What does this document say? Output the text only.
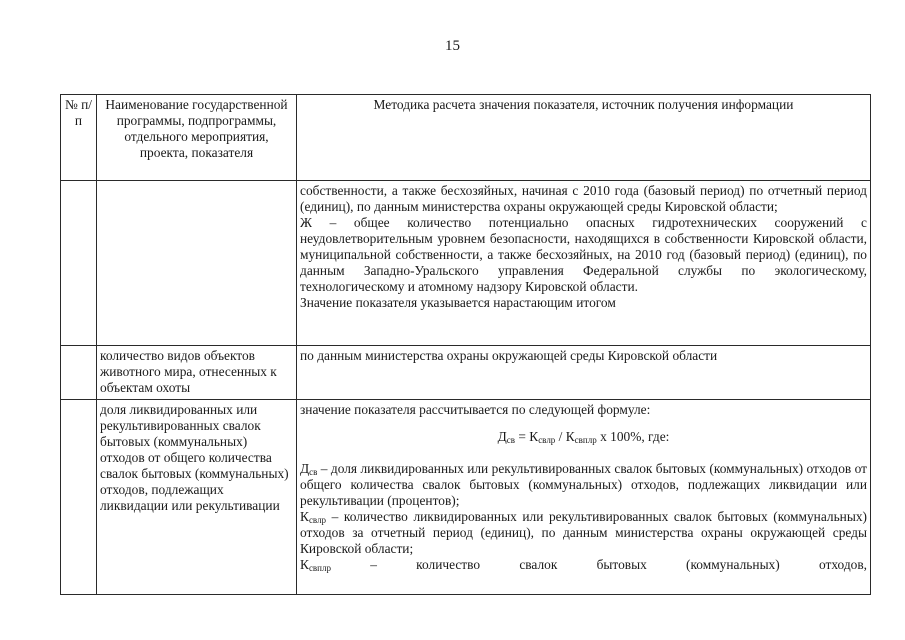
15
№ п/п	Наименование государственной программы, подпрограммы, отдельного мероприятия, проекта, показателя	Методика расчета значения показателя, источник получения информации

		собственности, а также бесхозяйных, начиная с 2010 года (базовый период) по отчетный период (единиц), по данным министерства охраны окружающей среды Кировской области;

Ж – общее количество потенциально опасных гидротехнических сооружений с неудовлетворительным уровнем безопасности, находящихся в собственности Кировской области, муниципальной собственности, а также бесхозяйных, на 2010 год (базовый период) (единиц), по данным Западно-Уральского управления Федеральной службы по экологическому, технологическому и атомному надзору Кировской области.

Значение показателя указывается нарастающим итогом

	количество видов объектов животного мира, отнесенных к объектам охоты	по данным министерства охраны окружающей среды Кировской области
	доля ликвидированных или рекультивированных свалок бытовых (коммунальных) отходов от общего количества свалок бытовых (коммунальных) отходов, подлежащих ликвидации или рекультивации	значение показателя рассчитывается по следующей формуле:

$Д_{св} = К_{свлр} / К_{свплр}$ х 100%, где:

$Д_{св}$ – доля ликвидированных или рекультивированных свалок бытовых (коммунальных) отходов от общего количества свалок бытовых (коммунальных) отходов, подлежащих ликвидации или рекультивации (процентов);

$К_{свлр}$ – количество ликвидированных или рекультивированных свалок бытовых (коммунальных) отходов за отчетный период (единиц), по данным министерства охраны окружающей среды Кировской области;

$К_{свплр}$ – количество свалок бытовых (коммунальных) отходов,
